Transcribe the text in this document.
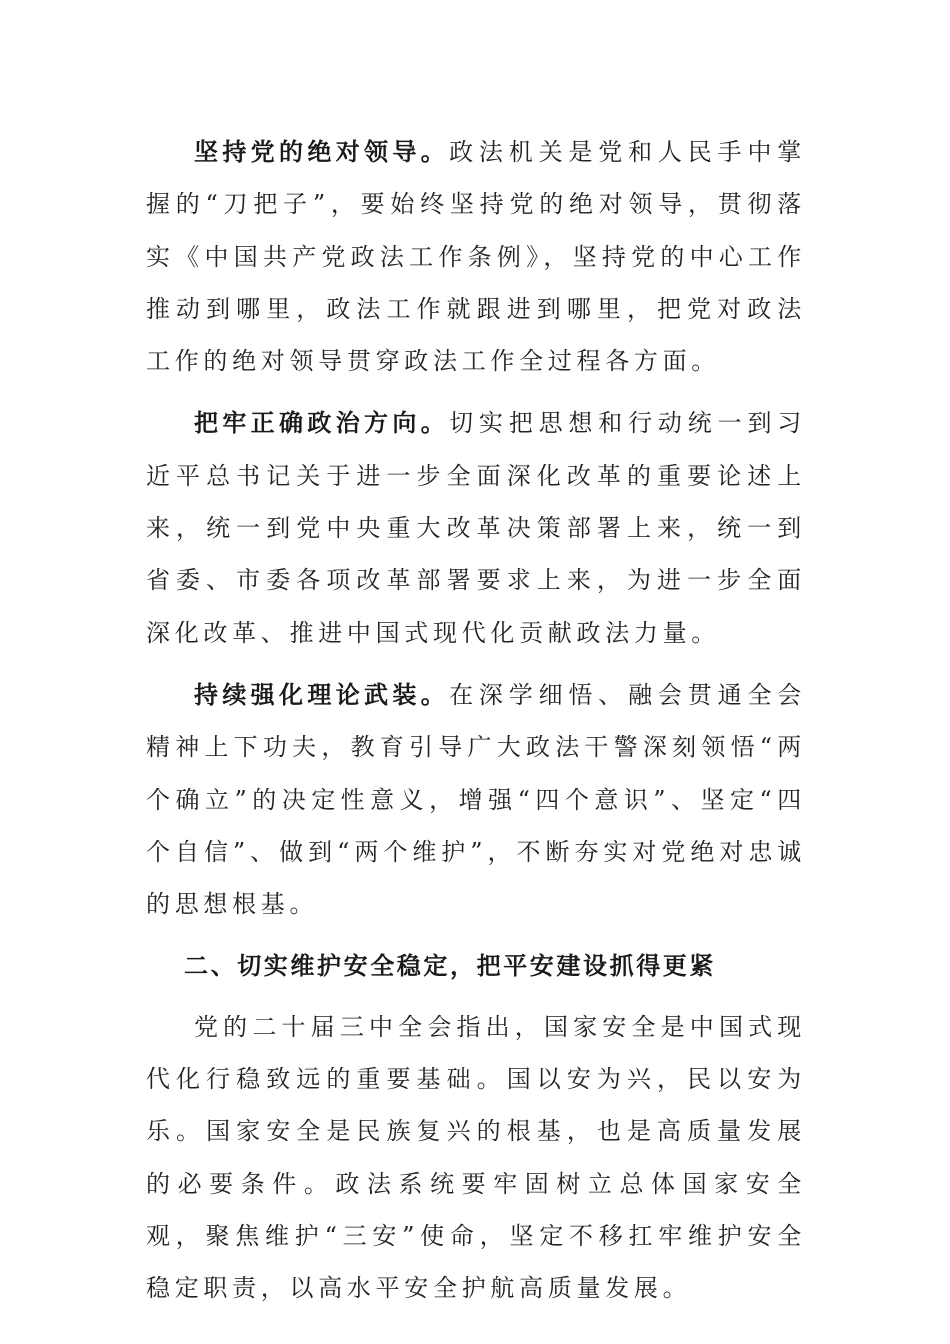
坚持党的绝对领导。政法机关是党和人民手中掌握的“刀把子”，要始终坚持党的绝对领导，贯彻落实《中国共产党政法工作条例》，坚持党的中心工作推动到哪里，政法工作就跟进到哪里，把党对政法工作的绝对领导贯穿政法工作全过程各方面。

把牢正确政治方向。切实把思想和行动统一到习近平总书记关于进一步全面深化改革的重要论述上来，统一到党中央重大改革决策部署上来，统一到省委、市委各项改革部署要求上来，为进一步全面深化改革、推进中国式现代化贡献政法力量。

持续强化理论武装。在深学细悟、融会贯通全会精神上下功夫，教育引导广大政法干警深刻领悟“两个确立”的决定性意义，增强“四个意识”、坚定“四个自信”、做到“两个维护”，不断夯实对党绝对忠诚的思想根基。

二、切实维护安全稳定，把平安建设抓得更紧

党的二十届三中全会指出，国家安全是中国式现代化行稳致远的重要基础。国以安为兴，民以安为乐。国家安全是民族复兴的根基，也是高质量发展的必要条件。政法系统要牢固树立总体国家安全观，聚焦维护“三安”使命，坚定不移扛牢维护安全稳定职责，以高水平安全护航高质量发展。
